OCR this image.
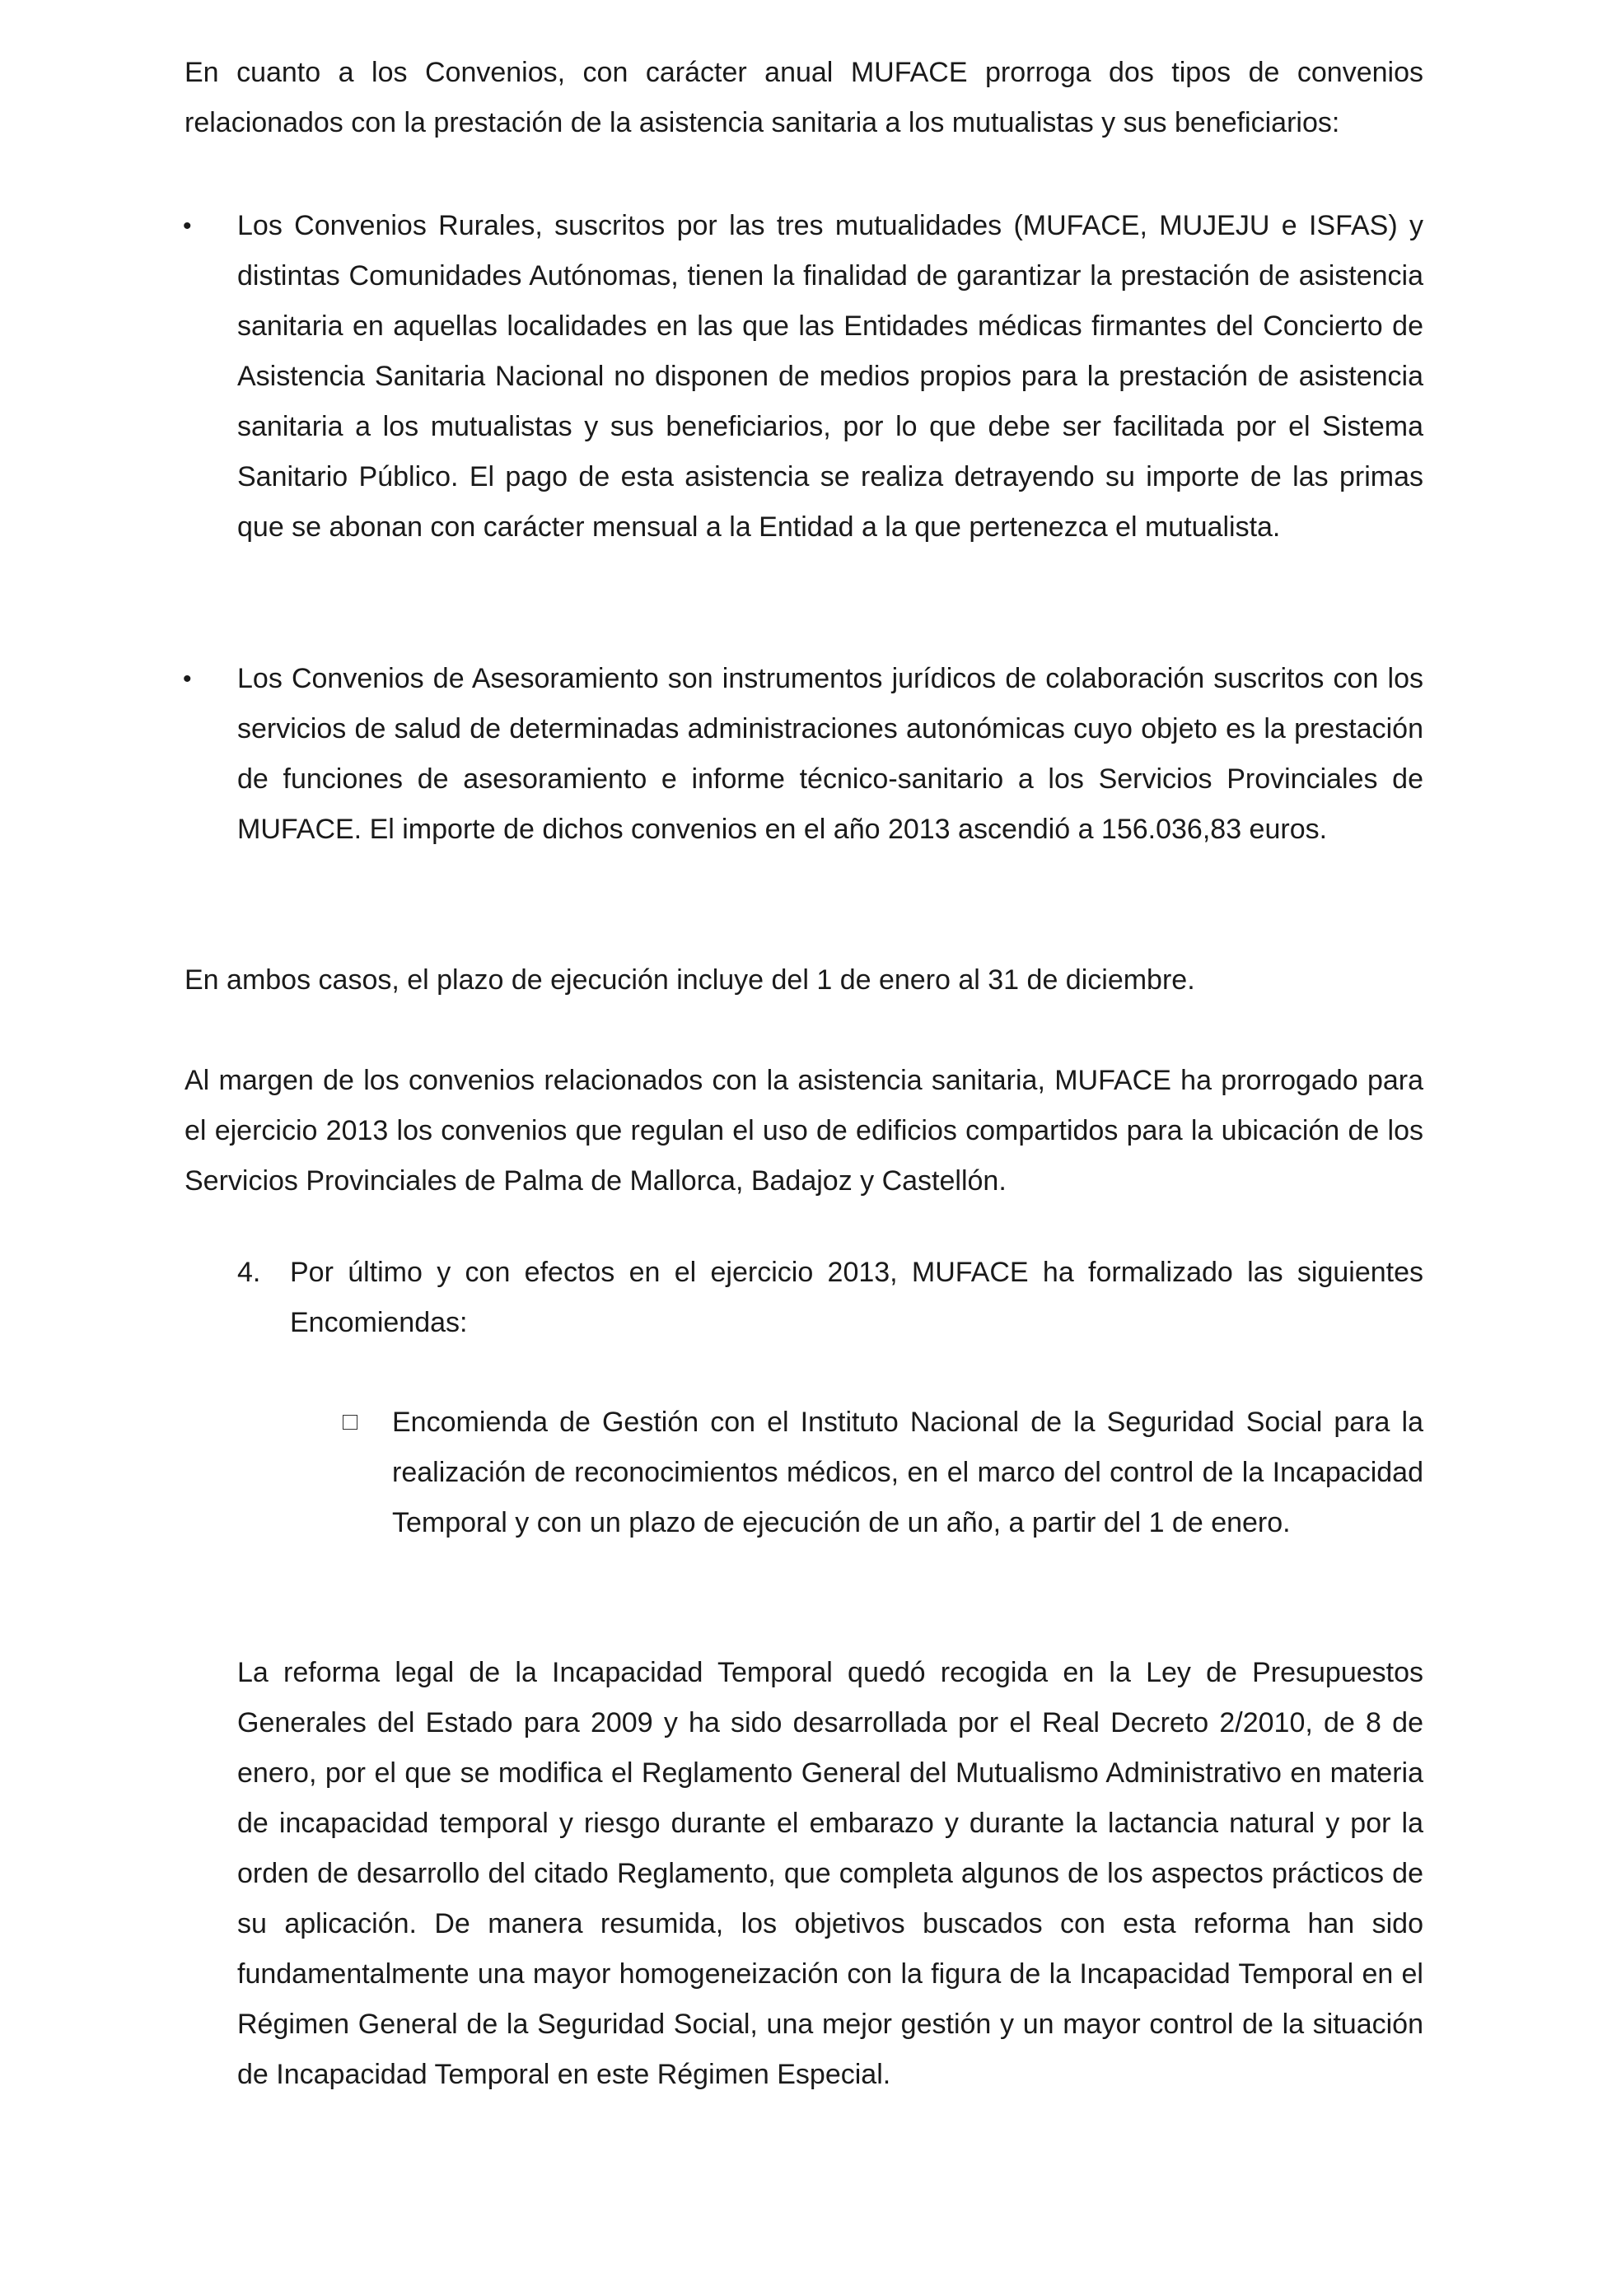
En cuanto a los Convenios, con carácter anual MUFACE prorroga dos tipos de convenios relacionados con la prestación de la asistencia sanitaria a los mutualistas y sus beneficiarios:

• Los Convenios Rurales, suscritos por las tres mutualidades (MUFACE, MUJEJU e ISFAS) y distintas Comunidades Autónomas, tienen la finalidad de garantizar la prestación de asistencia sanitaria en aquellas localidades en las que las Entidades médicas firmantes del Concierto de Asistencia Sanitaria Nacional no disponen de medios propios para la prestación de asistencia sanitaria a los mutualistas y sus beneficiarios, por lo que debe ser facilitada por el Sistema Sanitario Público. El pago de esta asistencia se realiza detrayendo su importe de las primas que se abonan con carácter mensual a la Entidad a la que pertenezca el mutualista.

• Los Convenios de Asesoramiento son instrumentos jurídicos de colaboración suscritos con los servicios de salud de determinadas administraciones autonómicas cuyo objeto es la prestación de funciones de asesoramiento e informe técnico-sanitario a los Servicios Provinciales de MUFACE. El importe de dichos convenios en el año 2013 ascendió a 156.036,83 euros.

En ambos casos, el plazo de ejecución incluye del 1 de enero al 31 de diciembre.

Al margen de los convenios relacionados con la asistencia sanitaria, MUFACE ha prorrogado para el ejercicio 2013 los convenios que regulan el uso de edificios compartidos para la ubicación de los Servicios Provinciales de Palma de Mallorca, Badajoz y Castellón.

4. Por último y con efectos en el ejercicio 2013, MUFACE ha formalizado las siguientes Encomiendas:

Encomienda de Gestión con el Instituto Nacional de la Seguridad Social para la realización de reconocimientos médicos, en el marco del control de la Incapacidad Temporal y con un plazo de ejecución de un año, a partir del 1 de enero.

La reforma legal de la Incapacidad Temporal quedó recogida en la Ley de Presupuestos Generales del Estado para 2009 y ha sido desarrollada por el Real Decreto 2/2010, de 8 de enero, por el que se modifica el Reglamento General del Mutualismo Administrativo en materia de incapacidad temporal y riesgo durante el embarazo y durante la lactancia natural y por la orden de desarrollo del citado Reglamento, que completa algunos de los aspectos prácticos de su aplicación. De manera resumida, los objetivos buscados con esta reforma han sido fundamentalmente una mayor homogeneización con la figura de la Incapacidad Temporal en el Régimen General de la Seguridad Social, una mejor gestión y un mayor control de la situación de Incapacidad Temporal en este Régimen Especial.
